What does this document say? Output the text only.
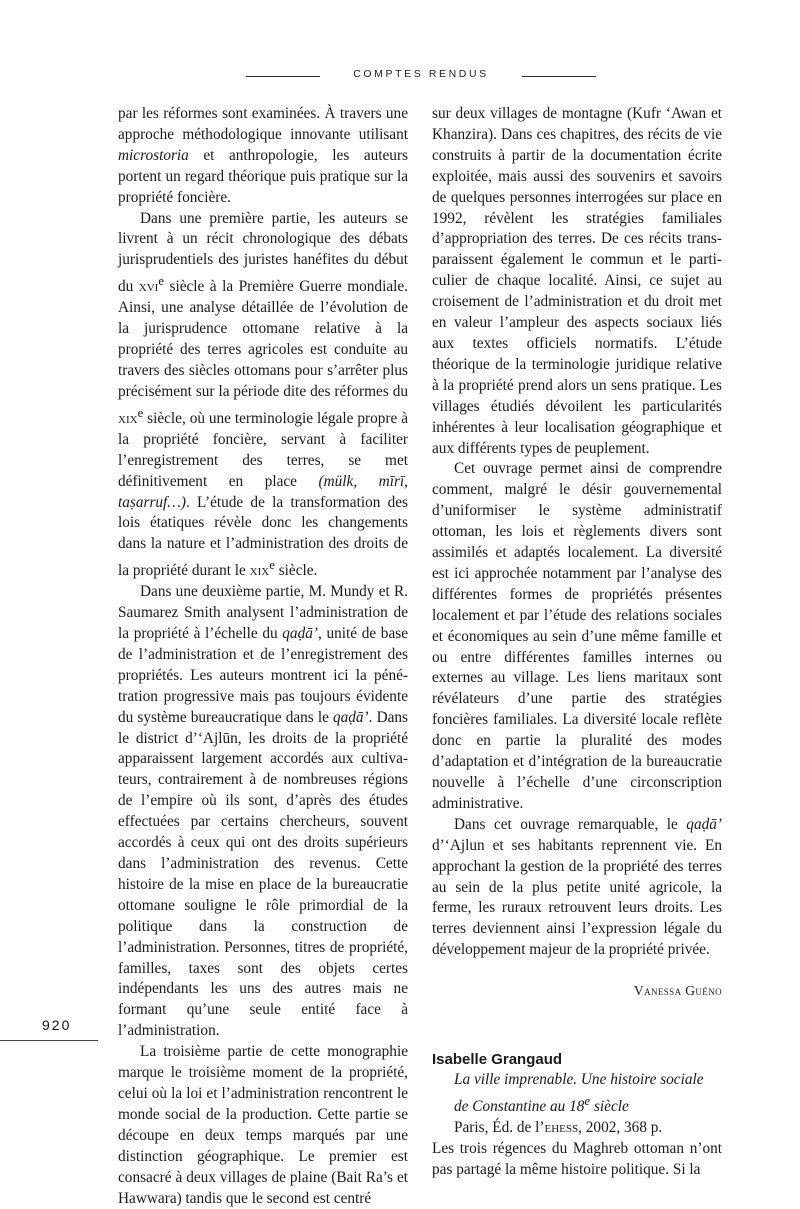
COMPTES RENDUS

par les réformes sont examinées. À travers une approche méthodologique innovante utilisant microstoria et anthropologie, les auteurs portent un regard théorique puis pratique sur la propriété foncière.

Dans une première partie, les auteurs se livrent à un récit chronologique des débats jurisprudentiels des juristes hanéfites du début du xvi$^e$ siècle à la Première Guerre mondiale. Ainsi, une analyse détaillée de l’évolution de la jurisprudence ottomane relative à la propriété des terres agricoles est conduite au travers des siècles ottomans pour s’arrêter plus précisément sur la période dite des réformes du xix$^e$ siècle, où une terminologie légale propre à la propriété foncière, servant à faciliter l’enregistrement des terres, se met définitivement en place (mülk, mīrī, taṣarruf…). L’étude de la transformation des lois étatiques révèle donc les changements dans la nature et l’administration des droits de la propriété durant le xix$^e$ siècle.

Dans une deuxième partie, M. Mundy et R. Saumarez Smith analysent l’administration de la propriété à l’échelle du qaḍā’, unité de base de l’administration et de l’enregistrement des propriétés. Les auteurs montrent ici la pénétration progressive mais pas toujours évidente du système bureaucratique dans le qaḍā’. Dans le district d’‘Ajlūn, les droits de la propriété apparaissent largement accordés aux cultivateurs, contrairement à de nombreuses régions de l’empire où ils sont, d’après des études effectuées par certains chercheurs, souvent accordés à ceux qui ont des droits supérieurs dans l’administration des revenus. Cette histoire de la mise en place de la bureaucratie ottomane souligne le rôle primordial de la politique dans la construction de l’administration. Personnes, titres de propriété, familles, taxes sont des objets certes indépendants les uns des autres mais ne formant qu’une seule entité face à l’administration.

La troisième partie de cette monographie marque le troisième moment de la propriété, celui où la loi et l’administration rencontrent le monde social de la production. Cette partie se découpe en deux temps marqués par une distinction géographique. Le premier est consacré à deux villages de plaine (Bait Ra’s et Hawwara) tandis que le second est centré

sur deux villages de montagne (Kufr ‘Awan et Khanzira). Dans ces chapitres, des récits de vie construits à partir de la documentation écrite exploitée, mais aussi des souvenirs et savoirs de quelques personnes interrogées sur place en 1992, révèlent les stratégies familiales d’appropriation des terres. De ces récits transparaissent également le commun et le particulier de chaque localité. Ainsi, ce sujet au croisement de l’administration et du droit met en valeur l’ampleur des aspects sociaux liés aux textes officiels normatifs. L’étude théorique de la terminologie juridique relative à la propriété prend alors un sens pratique. Les villages étudiés dévoilent les particularités inhérentes à leur localisation géographique et aux différents types de peuplement.

Cet ouvrage permet ainsi de comprendre comment, malgré le désir gouvernemental d’uniformiser le système administratif ottoman, les lois et règlements divers sont assimilés et adaptés localement. La diversité est ici approchée notamment par l’analyse des différentes formes de propriétés présentes localement et par l’étude des relations sociales et économiques au sein d’une même famille et ou entre différentes familles internes ou externes au village. Les liens maritaux sont révélateurs d’une partie des stratégies foncières familiales. La diversité locale reflète donc en partie la pluralité des modes d’adaptation et d’intégration de la bureaucratie nouvelle à l’échelle d’une circonscription administrative.

Dans cet ouvrage remarquable, le qaḍā’ d’‘Ajlun et ses habitants reprennent vie. En approchant la gestion de la propriété des terres au sein de la plus petite unité agricole, la ferme, les ruraux retrouvent leurs droits. Les terres deviennent ainsi l’expression légale du développement majeur de la propriété privée.

Vanessa Guéno
Isabelle Grangaud
La ville imprenable. Une histoire sociale
de Constantine au 18e siècle
Paris, Éd. de l’ehess, 2002, 368 p.

Les trois régences du Maghreb ottoman n’ont pas partagé la même histoire politique. Si la

920
